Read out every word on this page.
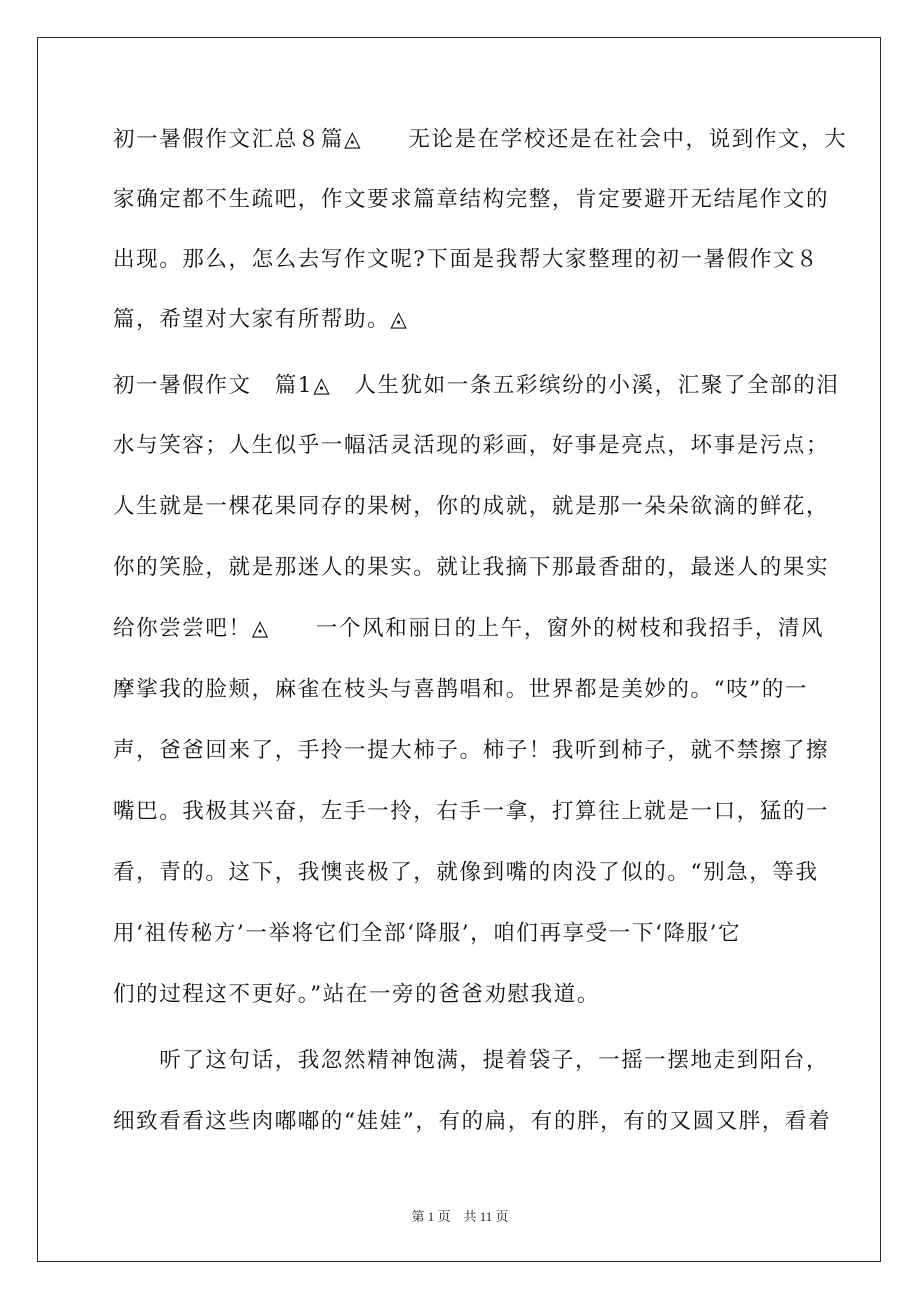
初一暑假作文汇总８篇◬　　无论是在学校还是在社会中，说到作文，大
家确定都不生疏吧，作文要求篇章结构完整，肯定要避开无结尾作文的
出现。那么，怎么去写作文呢?下面是我帮大家整理的初一暑假作文８
篇，希望对大家有所帮助。◬
初一暑假作文　篇1◬　人生犹如一条五彩缤纷的小溪，汇聚了全部的泪
水与笑容；人生似乎一幅活灵活现的彩画，好事是亮点，坏事是污点；
人生就是一棵花果同存的果树，你的成就，就是那一朵朵欲滴的鲜花，
你的笑脸，就是那迷人的果实。就让我摘下那最香甜的，最迷人的果实
给你尝尝吧！◬　　一个风和丽日的上午，窗外的树枝和我招手，清风
摩挲我的脸颊，麻雀在枝头与喜鹊唱和。世界都是美妙的。“吱”的一
声，爸爸回来了，手拎一提大柿子。柿子！我听到柿子，就不禁擦了擦
嘴巴。我极其兴奋，左手一拎，右手一拿，打算往上就是一口，猛的一
看，青的。这下，我懊丧极了，就像到嘴的肉没了似的。“别急，等我
用‘祖传秘方’一举将它们全部‘降服’，咱们再享受一下‘降服’它
们的过程这不更好。”站在一旁的爸爸劝慰我道。
　　听了这句话，我忽然精神饱满，提着袋子，一摇一摆地走到阳台，
细致看看这些肉嘟嘟的“娃娃”，有的扁，有的胖，有的又圆又胖，看着
第 1 页　共 11 页
